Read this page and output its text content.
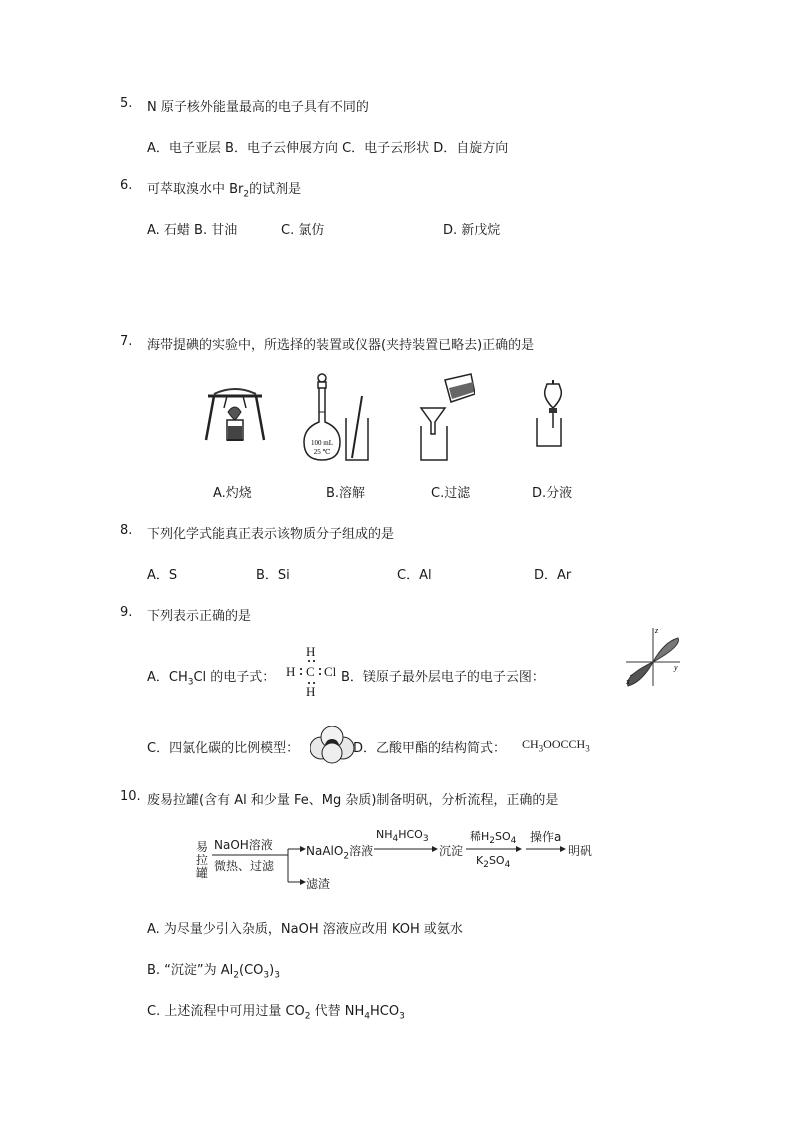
5. N 原子核外能量最高的电子具有不同的
A．电子亚层 B．电子云伸展方向 C．电子云形状 D．自旋方向
6. 可萃取溴水中 $Br_2$的试剂是
A. 石蜡 B. 甘油	C. 氯仿	D. 新戊烷
7. 海带提碘的实验中，所选择的装置或仪器(夹持装置已略去)正确的是
100 mL
25 ℃
A.灼烧	B.溶解	C.过滤	D.分液
8. 下列化学式能真正表示该物质分子组成的是
A．S	B．Si	C．Al	D．Ar
9. 下列表示正确的是
A．$CH_3Cl$ 的电子式：
H
H C Cl
H
B．镁原子最外层电子的电子云图：
z
y
x
C．四氯化碳的比例模型：	D．乙酸甲酯的结构简式： $CH_3OOCCH_3$
10. 废易拉罐(含有 Al 和少量 Fe、Mg 杂质)制备明矾，分析流程，正确的是
易
拉
罐
NaOH溶液
微热、过滤
NaAlO$_2$溶液
滤渣
$NH_4HCO_3$
沉淀
稀$H_2SO_4$
$K_2SO_4$
操作a
明矾
A. 为尽量少引入杂质，NaOH 溶液应改用 KOH 或氨水
B. “沉淀”为 $Al_2(CO_3)_3$
C. 上述流程中可用过量 $CO_2$ 代替 $NH_4HCO_3$
